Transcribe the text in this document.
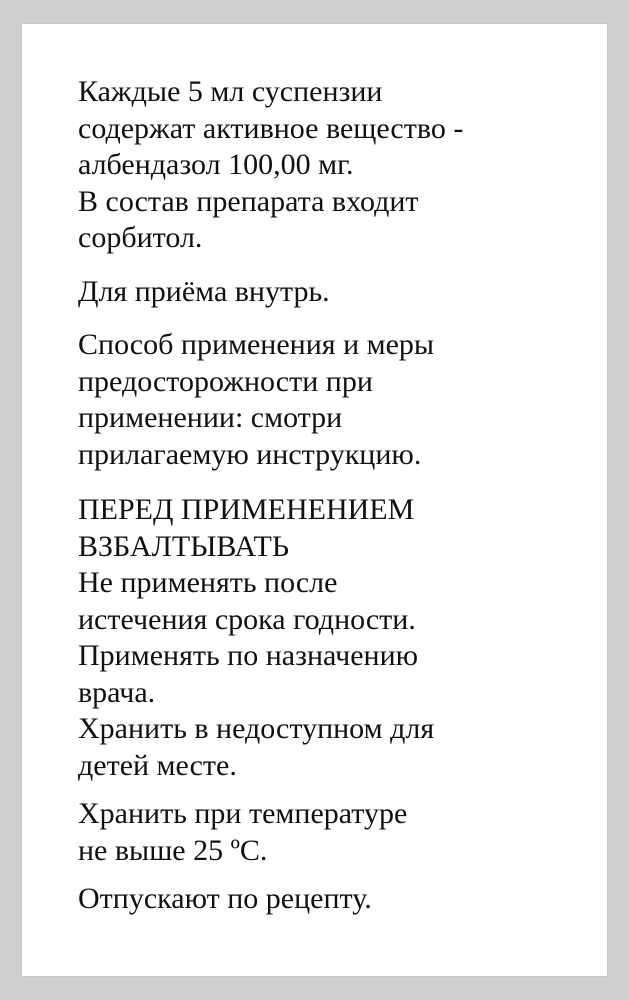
Каждые 5 мл суспензии
содержат активное вещество -
албендазол 100,00 мг.
В состав препарата входит
сорбитол.
Для приёма внутрь.
Способ применения и меры
предосторожности при
применении: смотри
прилагаемую инструкцию.
ПЕРЕД ПРИМЕНЕНИЕМ
ВЗБАЛТЫВАТЬ
Не применять после
истечения срока годности.
Применять по назначению
врача.
Хранить в недоступном для
детей месте.
Хранить при температуре
не выше 25 ºС.
Отпускают по рецепту.
